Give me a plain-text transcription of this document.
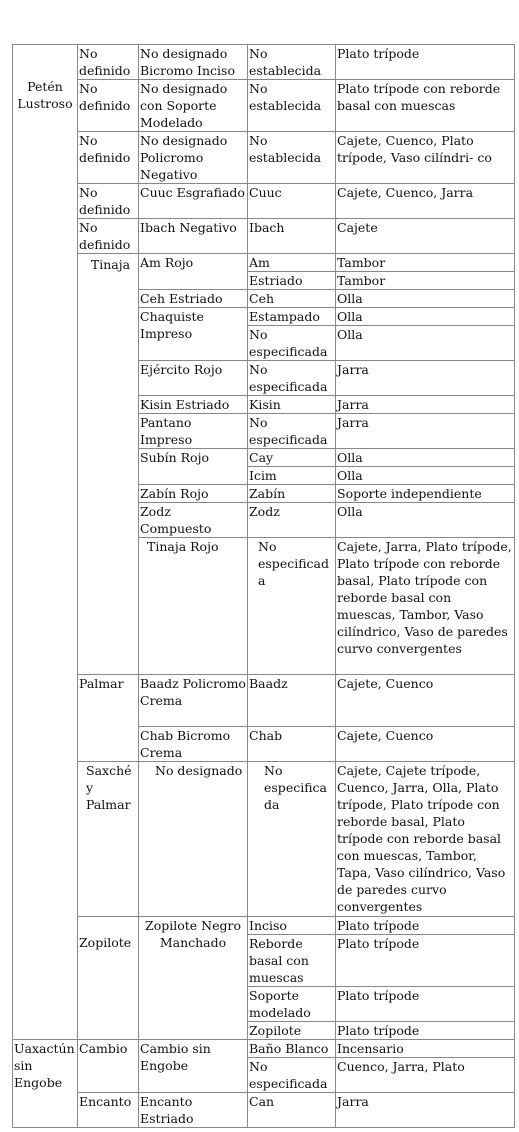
Petén Lustroso	No definido	No designado Bicromo Inciso	No establecida	Plato trípode
	No definido	No designado con Soporte Modelado	No establecida	Plato trípode con reborde basal con muescas
	No definido	No designado Policromo Negativo	No establecida	Cajete, Cuenco, Plato trípode, Vaso cilíndri- co
	No definido	Cuuc Esgrafiado	Cuuc	Cajete, Cuenco, Jarra
	No definido	Ibach Negativo	Ibach	Cajete
	Tinaja	Am Rojo	Am	Tambor
			Estriado	Tambor
		Ceh Estriado	Ceh	Olla
		Chaquiste Impreso	Estampado	Olla
			No especificada	Olla
		Ejército Rojo	No especificada	Jarra
		Kisin Estriado	Kisin	Jarra
		Pantano Impreso	No especificada	Jarra
		Subín Rojo	Cay	Olla
			Icim	Olla
		Zabín Rojo	Zabín	Soporte independiente
		Zodz Compuesto	Zodz	Olla
		Tinaja Rojo	No especificada	Cajete, Jarra, Plato trípode, Plato trípode con reborde basal, Plato trípode con reborde basal con muescas, Tambor, Vaso cilíndrico, Vaso de paredes curvo convergentes
	Palmar	Baadz Policromo Crema	Baadz	Cajete, Cuenco
		Chab Bicromo Crema	Chab	Cajete, Cuenco
	Saxché y Palmar	No designado	No especificada	Cajete, Cajete trípode, Cuenco, Jarra, Olla, Plato trípode, Plato trípode con reborde basal, Plato trípode con reborde basal con muescas, Tambor, Tapa, Vaso cilíndrico, Vaso de paredes curvo convergentes
	Zopilote	Zopilote Negro Manchado	Inciso	Plato trípode
			Reborde basal con muescas	Plato trípode
			Soporte modelado	Plato trípode
			Zopilote	Plato trípode
Uaxactún sin Engobe	Cambio	Cambio sin Engobe	Baño Blanco	Incensario
			No especificada	Cuenco, Jarra, Plato
	Encanto	Encanto Estriado	Can	Jarra
